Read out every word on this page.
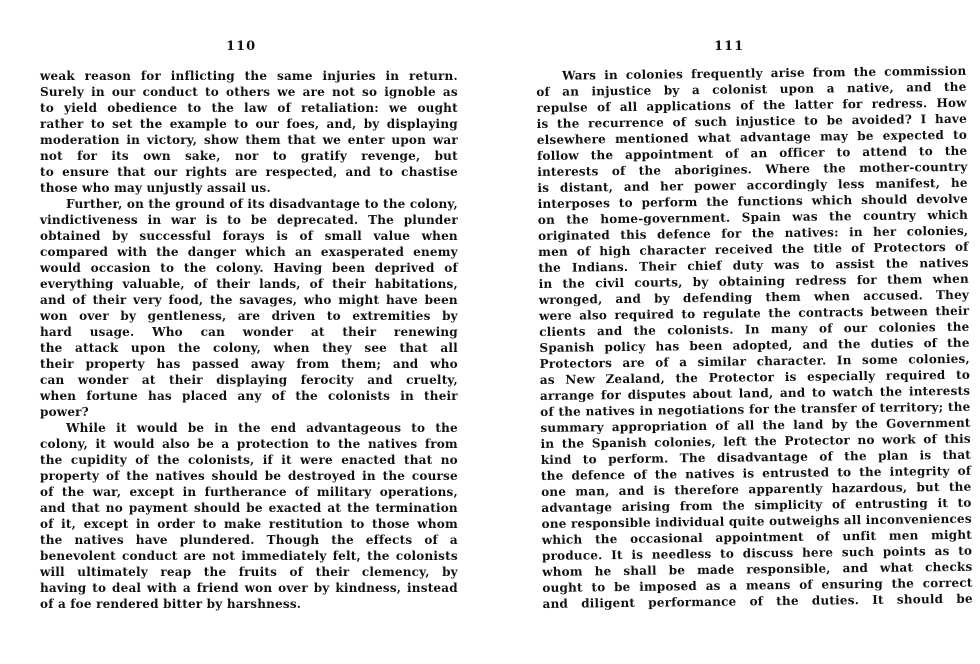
110
weak reason for inflicting the same injuries in return.
Surely in our conduct to others we are not so ignoble as
to yield obedience to the law of retaliation: we ought
rather to set the example to our foes, and, by displaying
moderation in victory, show them that we enter upon war
not for its own sake, nor to gratify revenge, but
to ensure that our rights are respected, and to chastise
those who may unjustly assail us.
Further, on the ground of its disadvantage to the colony,
vindictiveness in war is to be deprecated. The plunder
obtained by successful forays is of small value when
compared with the danger which an exasperated enemy
would occasion to the colony. Having been deprived of
everything valuable, of their lands, of their habitations,
and of their very food, the savages, who might have been
won over by gentleness, are driven to extremities by
hard usage. Who can wonder at their renewing
the attack upon the colony, when they see that all
their property has passed away from them; and who
can wonder at their displaying ferocity and cruelty,
when fortune has placed any of the colonists in their
power?
While it would be in the end advantageous to the
colony, it would also be a protection to the natives from
the cupidity of the colonists, if it were enacted that no
property of the natives should be destroyed in the course
of the war, except in furtherance of military operations,
and that no payment should be exacted at the termination
of it, except in order to make restitution to those whom
the natives have plundered. Though the effects of a
benevolent conduct are not immediately felt, the colonists
will ultimately reap the fruits of their clemency, by
having to deal with a friend won over by kindness, instead
of a foe rendered bitter by harshness.
111
Wars in colonies frequently arise from the commission
of an injustice by a colonist upon a native, and the
repulse of all applications of the latter for redress. How
is the recurrence of such injustice to be avoided? I have
elsewhere mentioned what advantage may be expected to
follow the appointment of an officer to attend to the
interests of the aborigines. Where the mother-country
is distant, and her power accordingly less manifest, he
interposes to perform the functions which should devolve
on the home-government. Spain was the country which
originated this defence for the natives: in her colonies,
men of high character received the title of Protectors of
the Indians. Their chief duty was to assist the natives
in the civil courts, by obtaining redress for them when
wronged, and by defending them when accused. They
were also required to regulate the contracts between their
clients and the colonists. In many of our colonies the
Spanish policy has been adopted, and the duties of the
Protectors are of a similar character. In some colonies,
as New Zealand, the Protector is especially required to
arrange for disputes about land, and to watch the interests
of the natives in negotiations for the transfer of territory; the
summary appropriation of all the land by the Government
in the Spanish colonies, left the Protector no work of this
kind to perform. The disadvantage of the plan is that
the defence of the natives is entrusted to the integrity of
one man, and is therefore apparently hazardous, but the
advantage arising from the simplicity of entrusting it to
one responsible individual quite outweighs all inconveniences
which the occasional appointment of unfit men might
produce. It is needless to discuss here such points as to
whom he shall be made responsible, and what checks
ought to be imposed as a means of ensuring the correct
and diligent performance of the duties. It should be
